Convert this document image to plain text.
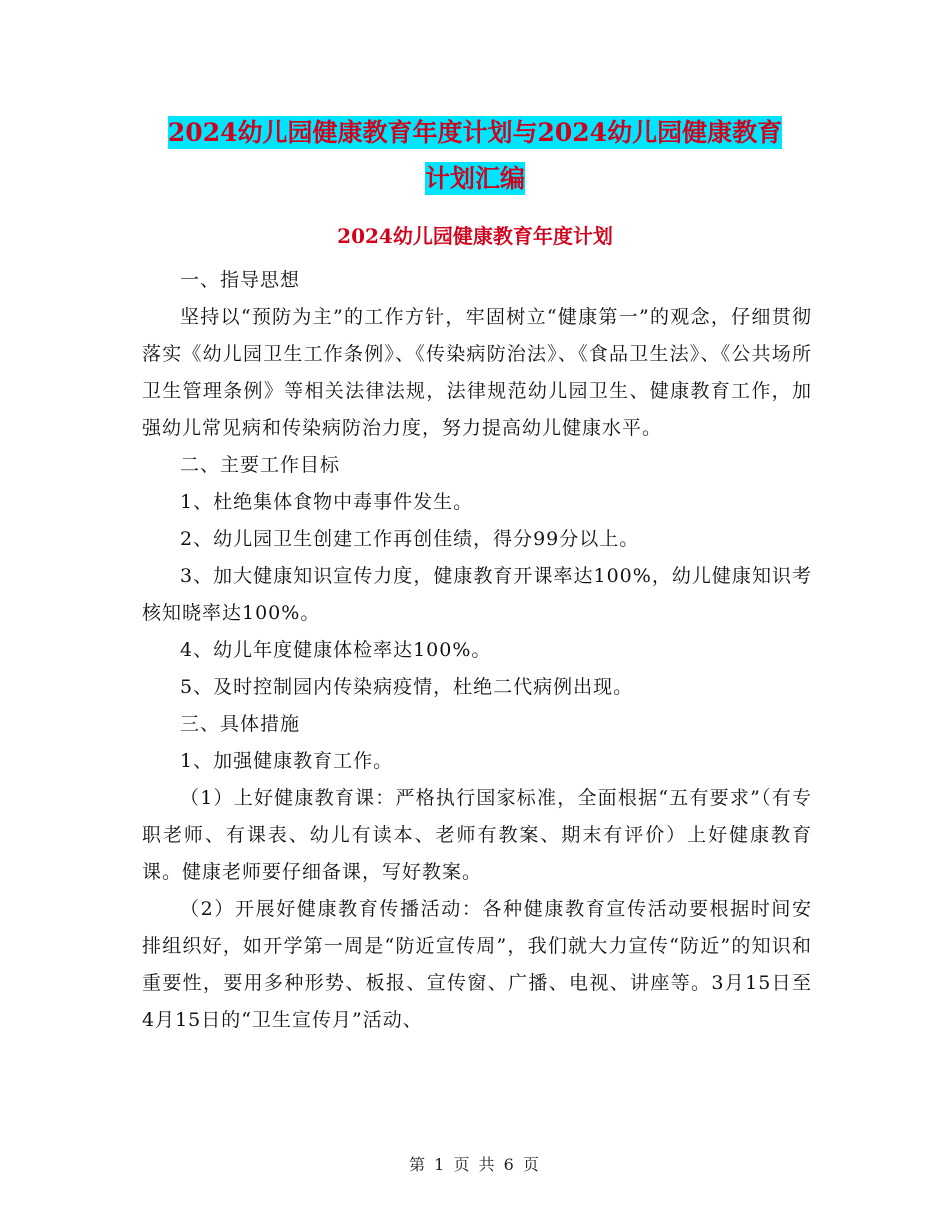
2024幼儿园健康教育年度计划与2024幼儿园健康教育
计划汇编
2024幼儿园健康教育年度计划

一、指导思想

坚持以“预防为主”的工作方针，牢固树立“健康第一”的观念，仔细贯彻落实《幼儿园卫生工作条例》、《传染病防治法》、《食品卫生法》、《公共场所卫生管理条例》等相关法律法规，法律规范幼儿园卫生、健康教育工作，加强幼儿常见病和传染病防治力度，努力提高幼儿健康水平。

二、主要工作目标

1、杜绝集体食物中毒事件发生。

2、幼儿园卫生创建工作再创佳绩，得分99分以上。

3、加大健康知识宣传力度，健康教育开课率达100%，幼儿健康知识考核知晓率达100%。

4、幼儿年度健康体检率达100%。

5、及时控制园内传染病疫情，杜绝二代病例出现。

三、具体措施

1、加强健康教育工作。

（1）上好健康教育课：严格执行国家标准，全面根据“五有要求”（有专职老师、有课表、幼儿有读本、老师有教案、期末有评价）上好健康教育课。健康老师要仔细备课，写好教案。

（2）开展好健康教育传播活动：各种健康教育宣传活动要根据时间安排组织好，如开学第一周是“防近宣传周”，我们就大力宣传“防近”的知识和重要性，要用多种形势、板报、宣传窗、广播、电视、讲座等。3月15日至4月15日的“卫生宣传月”活动、

第 1 页 共 6 页
